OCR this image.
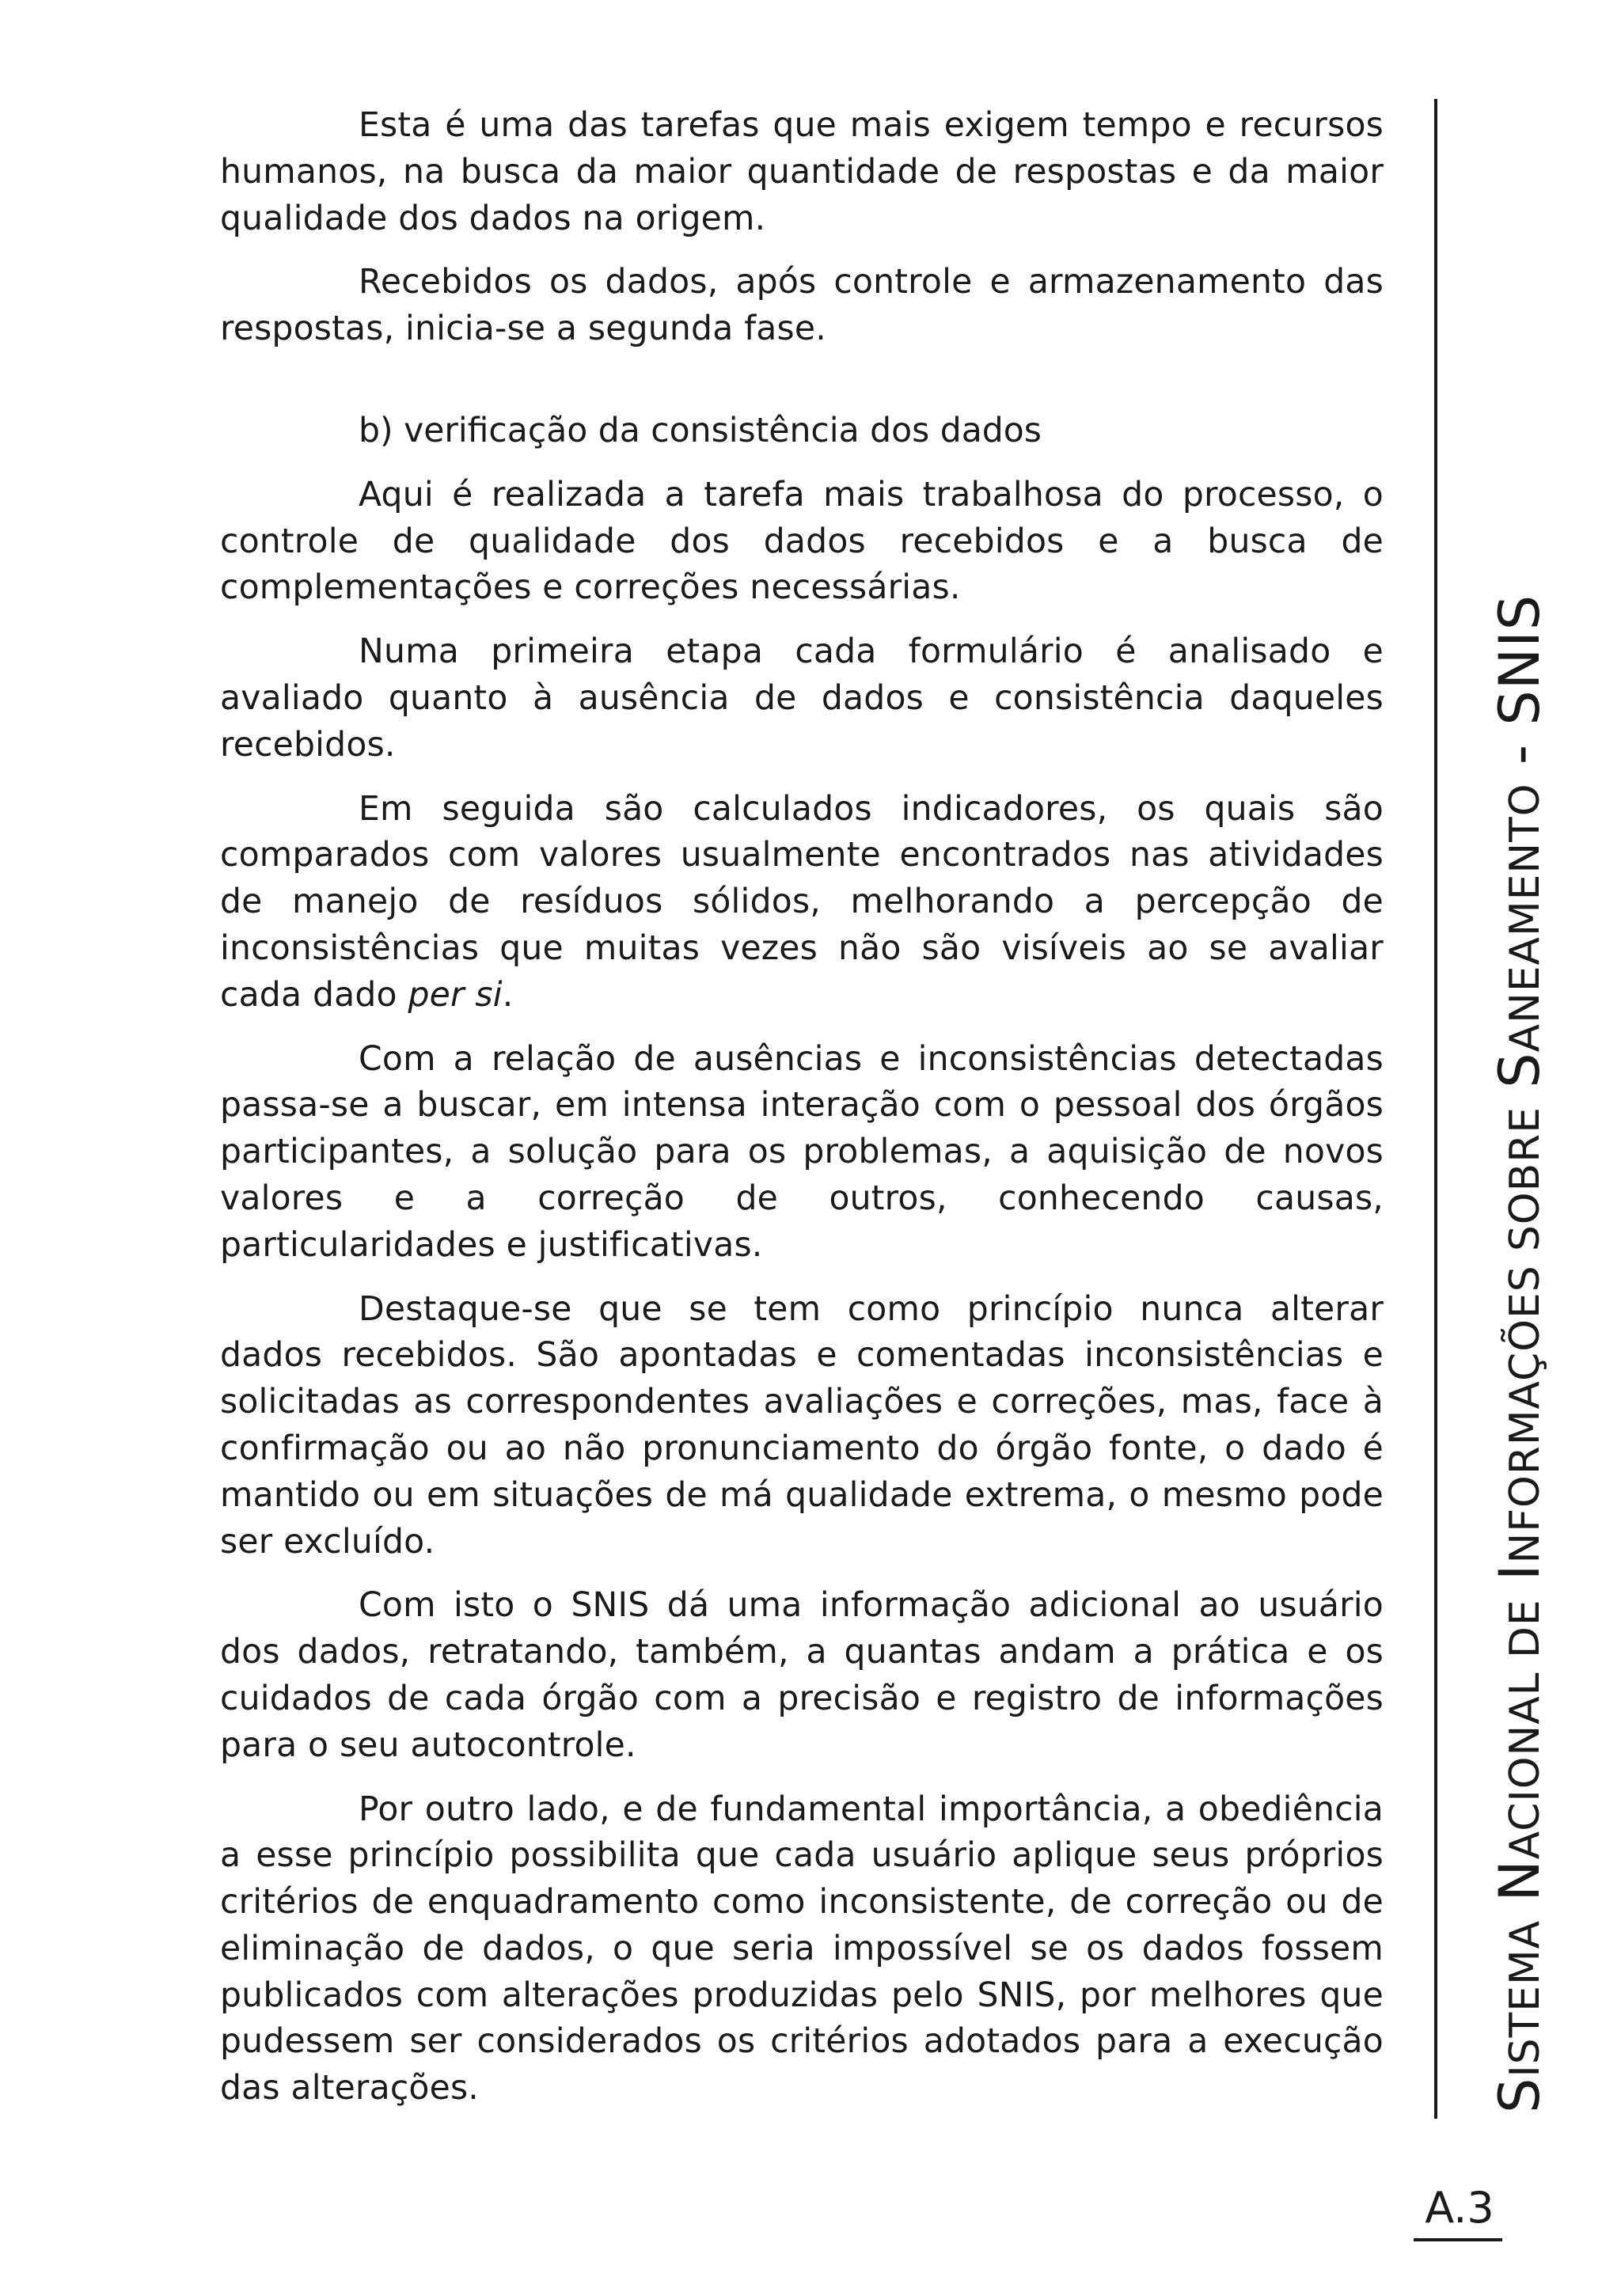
Esta é uma das tarefas que mais exigem tempo e recursos humanos, na busca da maior quantidade de respostas e da maior qualidade dos dados na origem.

Recebidos os dados, após controle e armazenamento das respostas, inicia-se a segunda fase.

b) verificação da consistência dos dados

Aqui é realizada a tarefa mais trabalhosa do processo, o controle de qualidade dos dados recebidos e a busca de complementações e correções necessárias.

Numa primeira etapa cada formulário é analisado e avaliado quanto à ausência de dados e consistência daqueles recebidos.

Em seguida são calculados indicadores, os quais são comparados com valores usualmente encontrados nas atividades de manejo de resíduos sólidos, melhorando a percepção de inconsistências que muitas vezes não são visíveis ao se avaliar cada dado per si.

Com a relação de ausências e inconsistências detectadas passa-se a buscar, em intensa interação com o pessoal dos órgãos participantes, a solução para os problemas, a aquisição de novos valores e a correção de outros, conhecendo causas, particularidades e justificativas.

Destaque-se que se tem como princípio nunca alterar dados recebidos. São apontadas e comentadas inconsistências e solicitadas as correspondentes avaliações e correções, mas, face à confirmação ou ao não pronunciamento do órgão fonte, o dado é mantido ou em situações de má qualidade extrema, o mesmo pode ser excluído.

Com isto o SNIS dá uma informação adicional ao usuário dos dados, retratando, também, a quantas andam a prática e os cuidados de cada órgão com a precisão e registro de informações para o seu autocontrole.

Por outro lado, e de fundamental importância, a obediência a esse princípio possibilita que cada usuário aplique seus próprios critérios de enquadramento como inconsistente, de correção ou de eliminação de dados, o que seria impossível se os dados fossem publicados com alterações produzidas pelo SNIS, por melhores que pudessem ser considerados os critérios adotados para a execução das alterações.	SISTEMA NACIONAL DE INFORMAÇÕES SOBRE SANEAMENTO - SNIS
A.3
